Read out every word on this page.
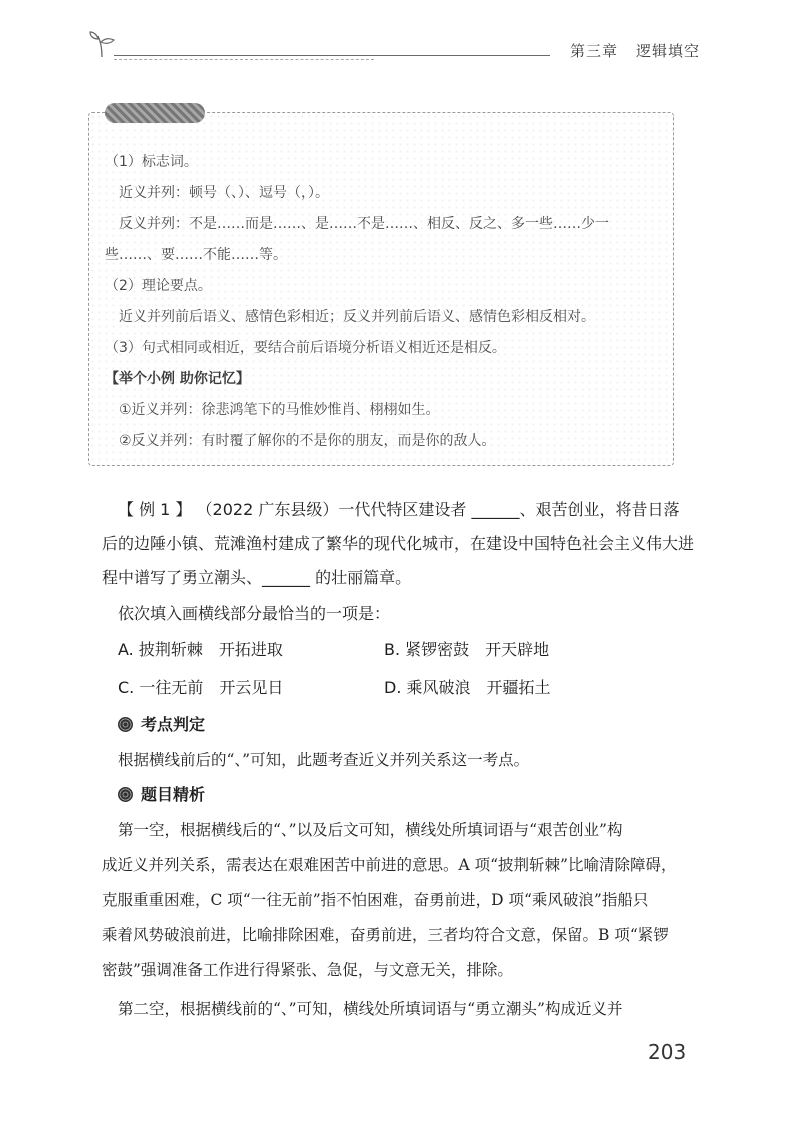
第三章 逻辑填空
（1）标志词。
近义并列：顿号（、）、逗号（，）。
反义并列：不是……而是……、是……不是……、相反、反之、多一些……少一
些……、要……不能……等。
（2）理论要点。
近义并列前后语义、感情色彩相近；反义并列前后语义、感情色彩相反相对。
（3）句式相同或相近，要结合前后语境分析语义相近还是相反。
【举个小例 助你记忆】
①近义并列：徐悲鸿笔下的马惟妙惟肖、栩栩如生。
②反义并列：有时覆了解你的不是你的朋友，而是你的敌人。
【 例 1 】 （2022 广东县级）一代代特区建设者 ______、艰苦创业，将昔日落
后的边陲小镇、荒滩渔村建成了繁华的现代化城市，在建设中国特色社会主义伟大进
程中谱写了勇立潮头、______ 的壮丽篇章。
依次填入画横线部分最恰当的一项是：
A. 披荆斩棘　开拓进取	B. 紧锣密鼓　开天辟地
C. 一往无前　开云见日	D. 乘风破浪　开疆拓土
考点判定
根据横线前后的“、”可知，此题考查近义并列关系这一考点。
题目精析
第一空，根据横线后的“、”以及后文可知，横线处所填词语与“艰苦创业”构
成近义并列关系，需表达在艰难困苦中前进的意思。A 项“披荆斩棘”比喻清除障碍，
克服重重困难，C 项“一往无前”指不怕困难，奋勇前进，D 项“乘风破浪”指船只
乘着风势破浪前进，比喻排除困难，奋勇前进，三者均符合文意，保留。B 项“紧锣
密鼓”强调准备工作进行得紧张、急促，与文意无关，排除。
第二空，根据横线前的“、”可知，横线处所填词语与“勇立潮头”构成近义并
203
